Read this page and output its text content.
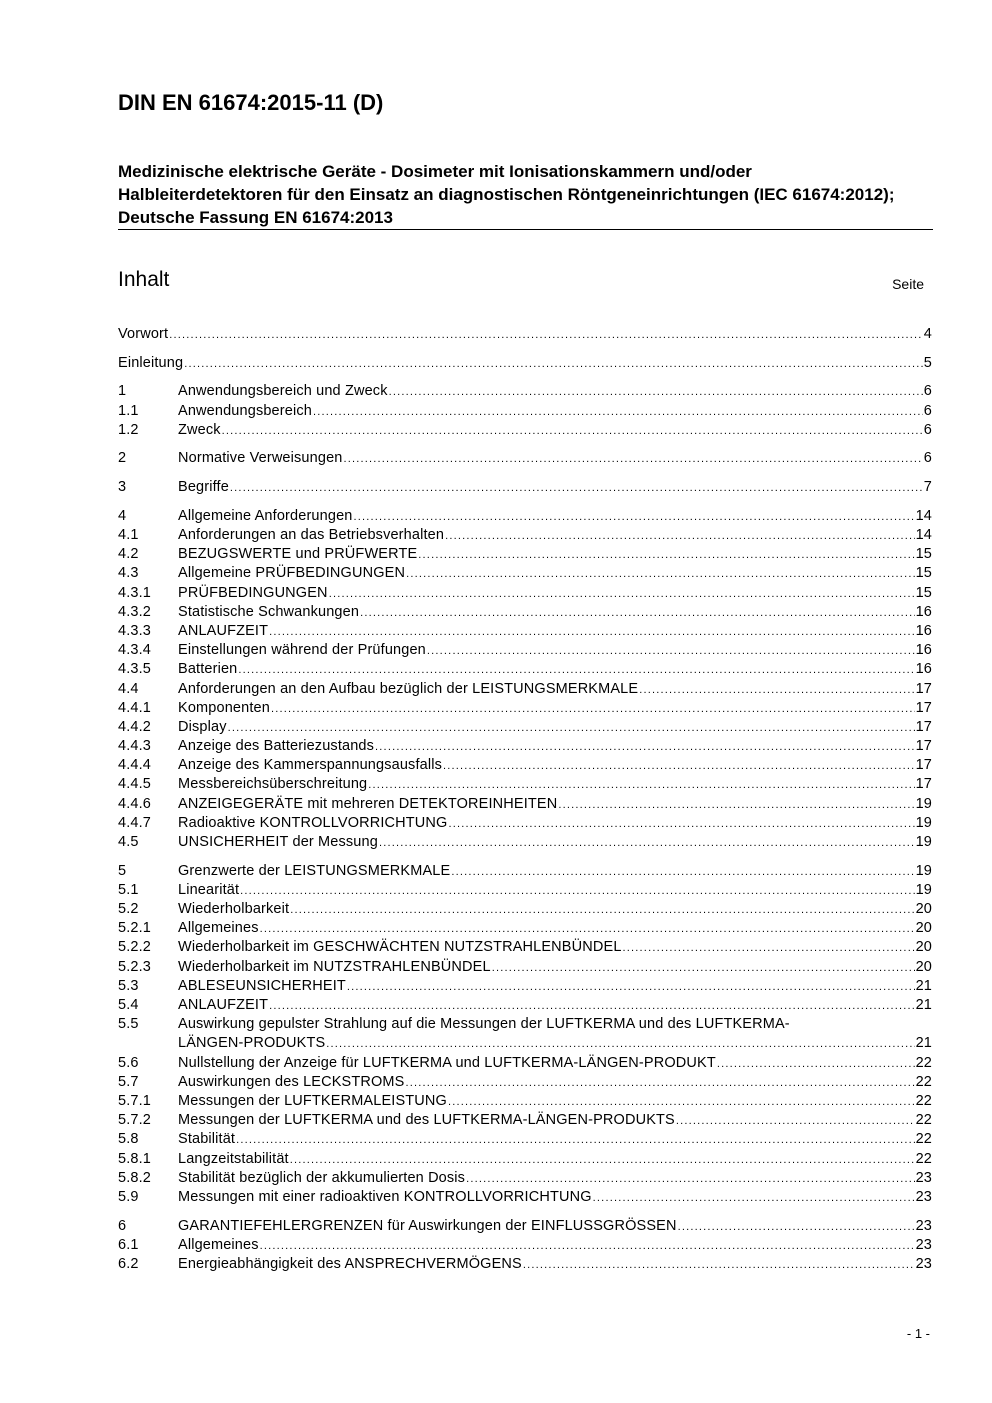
DIN EN 61674:2015-11 (D)
Medizinische elektrische Geräte - Dosimeter mit Ionisationskammern und/oder Halbleiterdetektoren für den Einsatz an diagnostischen Röntgeneinrichtungen (IEC 61674:2012); Deutsche Fassung EN 61674:2013
Inhalt	Seite
Vorwort .....	4
Einleitung .....	5
1	Anwendungsbereich und Zweck .....	6
1.1	Anwendungsbereich .....	6
1.2	Zweck .....	6
2	Normative Verweisungen .....	6
3	Begriffe .....	7
4	Allgemeine Anforderungen .....	14
4.1	Anforderungen an das Betriebsverhalten .....	14
4.2	BEZUGSWERTE und PRÜFWERTE .....	15
4.3	Allgemeine PRÜFBEDINGUNGEN .....	15
4.3.1	PRÜFBEDINGUNGEN .....	15
4.3.2	Statistische Schwankungen .....	16
4.3.3	ANLAUFZEIT .....	16
4.3.4	Einstellungen während der Prüfungen .....	16
4.3.5	Batterien .....	16
4.4	Anforderungen an den Aufbau bezüglich der LEISTUNGSMERKMALE .....	17
4.4.1	Komponenten .....	17
4.4.2	Display .....	17
4.4.3	Anzeige des Batteriezustands .....	17
4.4.4	Anzeige des Kammerspannungsausfalls .....	17
4.4.5	Messbereichsüberschreitung .....	17
4.4.6	ANZEIGEGERÄTE mit mehreren DETEKTOREINHEITEN .....	19
4.4.7	Radioaktive KONTROLLVORRICHTUNG .....	19
4.5	UNSICHERHEIT der Messung .....	19
5	Grenzwerte der LEISTUNGSMERKMALE .....	19
5.1	Linearität .....	19
5.2	Wiederholbarkeit .....	20
5.2.1	Allgemeines .....	20
5.2.2	Wiederholbarkeit im GESCHWÄCHTEN NUTZSTRAHLENBÜNDEL .....	20
5.2.3	Wiederholbarkeit im NUTZSTRAHLENBÜNDEL .....	20
5.3	ABLESEUNSICHERHEIT .....	21
5.4	ANLAUFZEIT .....	21
5.5	Auswirkung gepulster Strahlung auf die Messungen der LUFTKERMA und des LUFTKERMA-
LÄNGEN-PRODUKTS .....	21
5.6	Nullstellung der Anzeige für LUFTKERMA und LUFTKERMA-LÄNGEN-PRODUKT .....	22
5.7	Auswirkungen des LECKSTROMS .....	22
5.7.1	Messungen der LUFTKERMALEISTUNG .....	22
5.7.2	Messungen der LUFTKERMA und des LUFTKERMA-LÄNGEN-PRODUKTS .....	22
5.8	Stabilität .....	22
5.8.1	Langzeitstabilität .....	22
5.8.2	Stabilität bezüglich der akkumulierten Dosis .....	23
5.9	Messungen mit einer radioaktiven KONTROLLVORRICHTUNG .....	23
6	GARANTIEFEHLERGRENZEN für Auswirkungen der EINFLUSSGRÖSSEN .....	23
6.1	Allgemeines .....	23
6.2	Energieabhängigkeit des ANSPRECHVERMÖGENS .....	23
- 1 -
